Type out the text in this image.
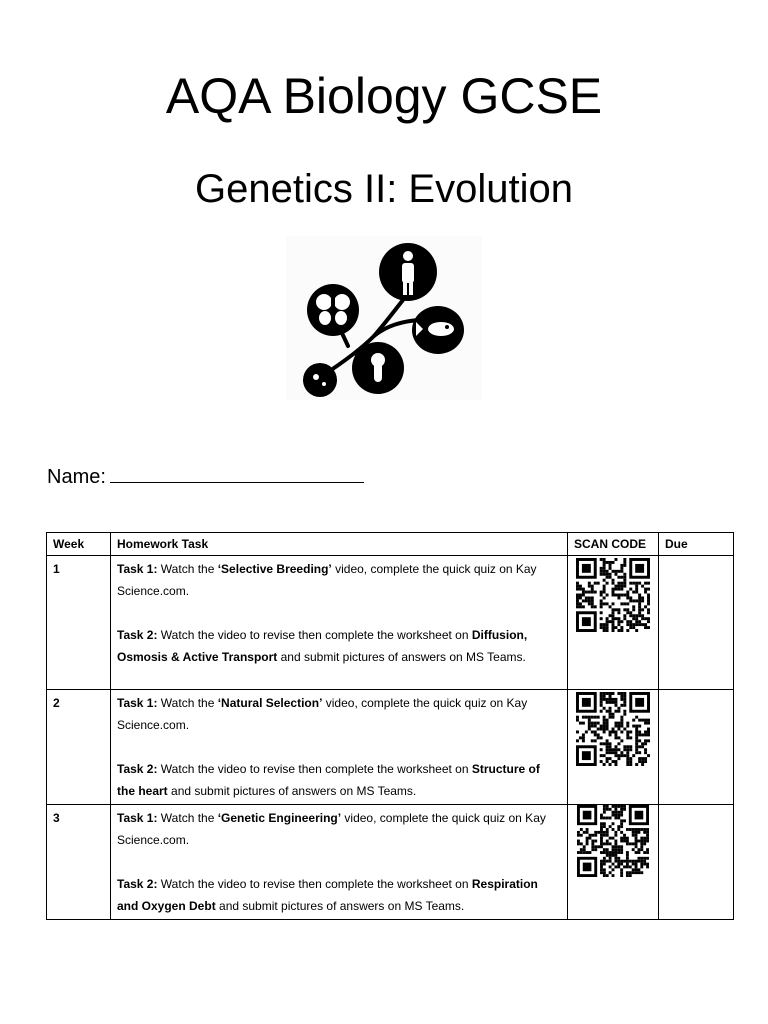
AQA Biology GCSE
Genetics II: Evolution
Name:
Week	Homework Task	SCAN CODE	Due
1	Task 1: Watch the ‘Selective Breeding’ video, complete the quick quiz on Kay Science.com.

Task 2: Watch the video to revise then complete the worksheet on Diffusion, Osmosis & Active Transport and submit pictures of answers on MS Teams.

2	Task 1: Watch the ‘Natural Selection’ video, complete the quick quiz on Kay Science.com.

Task 2: Watch the video to revise then complete the worksheet on Structure of the heart and submit pictures of answers on MS Teams.

3	Task 1: Watch the ‘Genetic Engineering’ video, complete the quick quiz on Kay Science.com.

Task 2: Watch the video to revise then complete the worksheet on Respiration and Oxygen Debt and submit pictures of answers on MS Teams.
